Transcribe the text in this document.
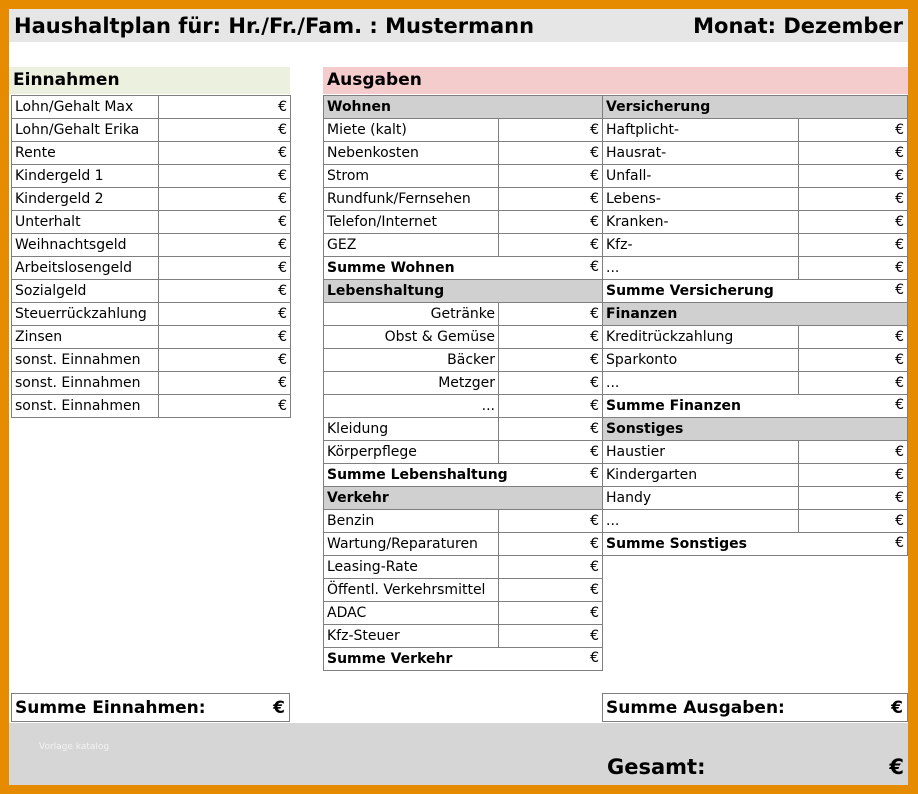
Haushaltplan für: Hr./Fr./Fam. : Mustermann	Monat: Dezember
Einnahmen
Lohn/Gehalt Max	€
Lohn/Gehalt Erika	€
Rente	€
Kindergeld 1	€
Kindergeld 2	€
Unterhalt	€
Weihnachtsgeld	€
Arbeitslosengeld	€
Sozialgeld	€
Steuerrückzahlung	€
Zinsen	€
sonst. Einnahmen	€
sonst. Einnahmen	€
sonst. Einnahmen	€
Ausgaben
Wohnen	
Miete (kalt)	€
Nebenkosten	€
Strom	€
Rundfunk/Fernsehen	€
Telefon/Internet	€
GEZ	€
Summe Wohnen €	

Lebenshaltung	
Getränke	€
Obst & Gemüse	€
Bäcker	€
Metzger	€
...	€
Kleidung	€
Körperpflege	€
Summe Lebenshaltung €	

Verkehr	
Benzin	€
Wartung/Reparaturen	€
Leasing-Rate	€
Öffentl. Verkehrsmittel	€
ADAC	€
Kfz-Steuer	€
Summe Verkehr €	
Versicherung	
Haftplicht-	€
Hausrat-	€
Unfall-	€
Lebens-	€
Kranken-	€
Kfz-	€
...	€
Summe Versicherung €	

Finanzen	
Kreditrückzahlung	€
Sparkonto	€
...	€
Summe Finanzen €	

Sonstiges	
Haustier	€
Kindergarten	€
Handy	€
...	€
Summe Sonstiges €	
Summe Einnahmen:	€	Summe Ausgaben:	€
Vorlage katalog
Gesamt:	€
